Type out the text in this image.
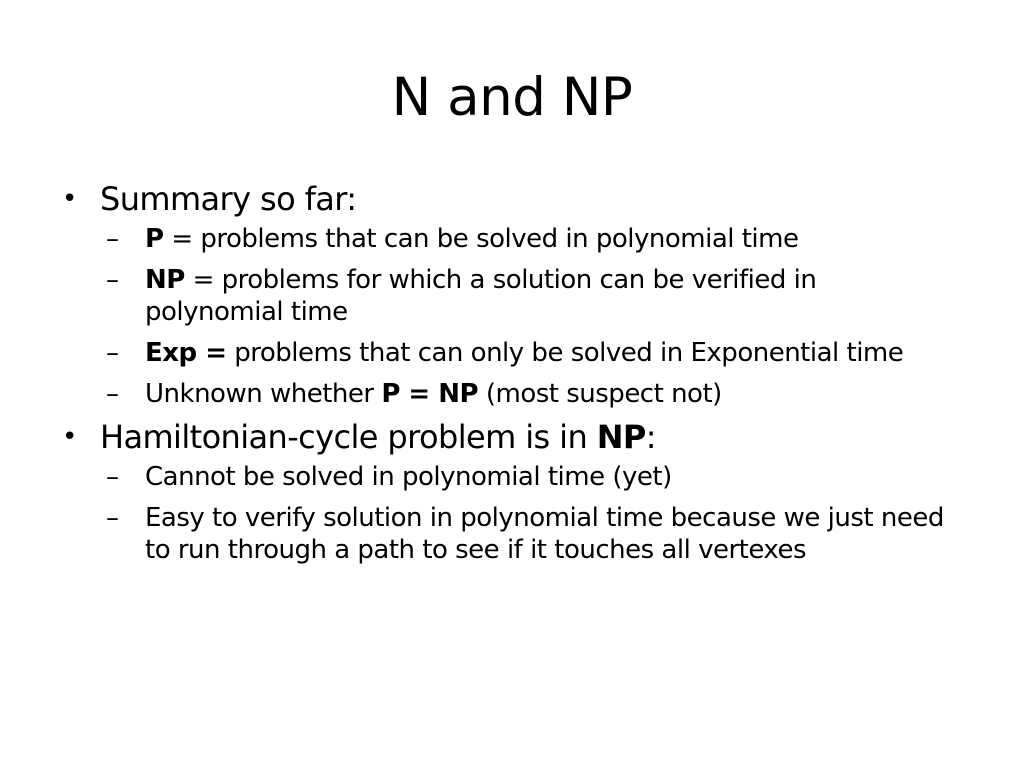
N and NP
• Summary so far:
– P = problems that can be solved in polynomial time
– NP = problems for which a solution can be verified in polynomial time
– Exp = problems that can only be solved in Exponential time
– Unknown whether P = NP (most suspect not)
• Hamiltonian-cycle problem is in NP:
– Cannot be solved in polynomial time (yet)
– Easy to verify solution in polynomial time because we just need to run through a path to see if it touches all vertexes
